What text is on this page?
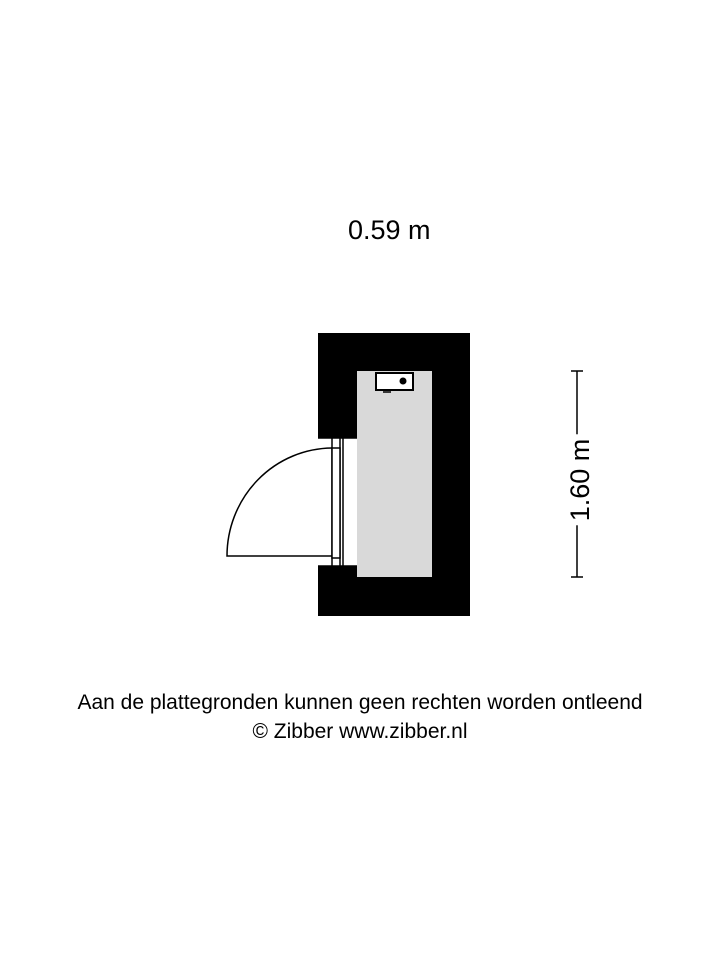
0.59 m
1.60 m
Aan de plattegronden kunnen geen rechten worden ontleend
© Zibber www.zibber.nl
